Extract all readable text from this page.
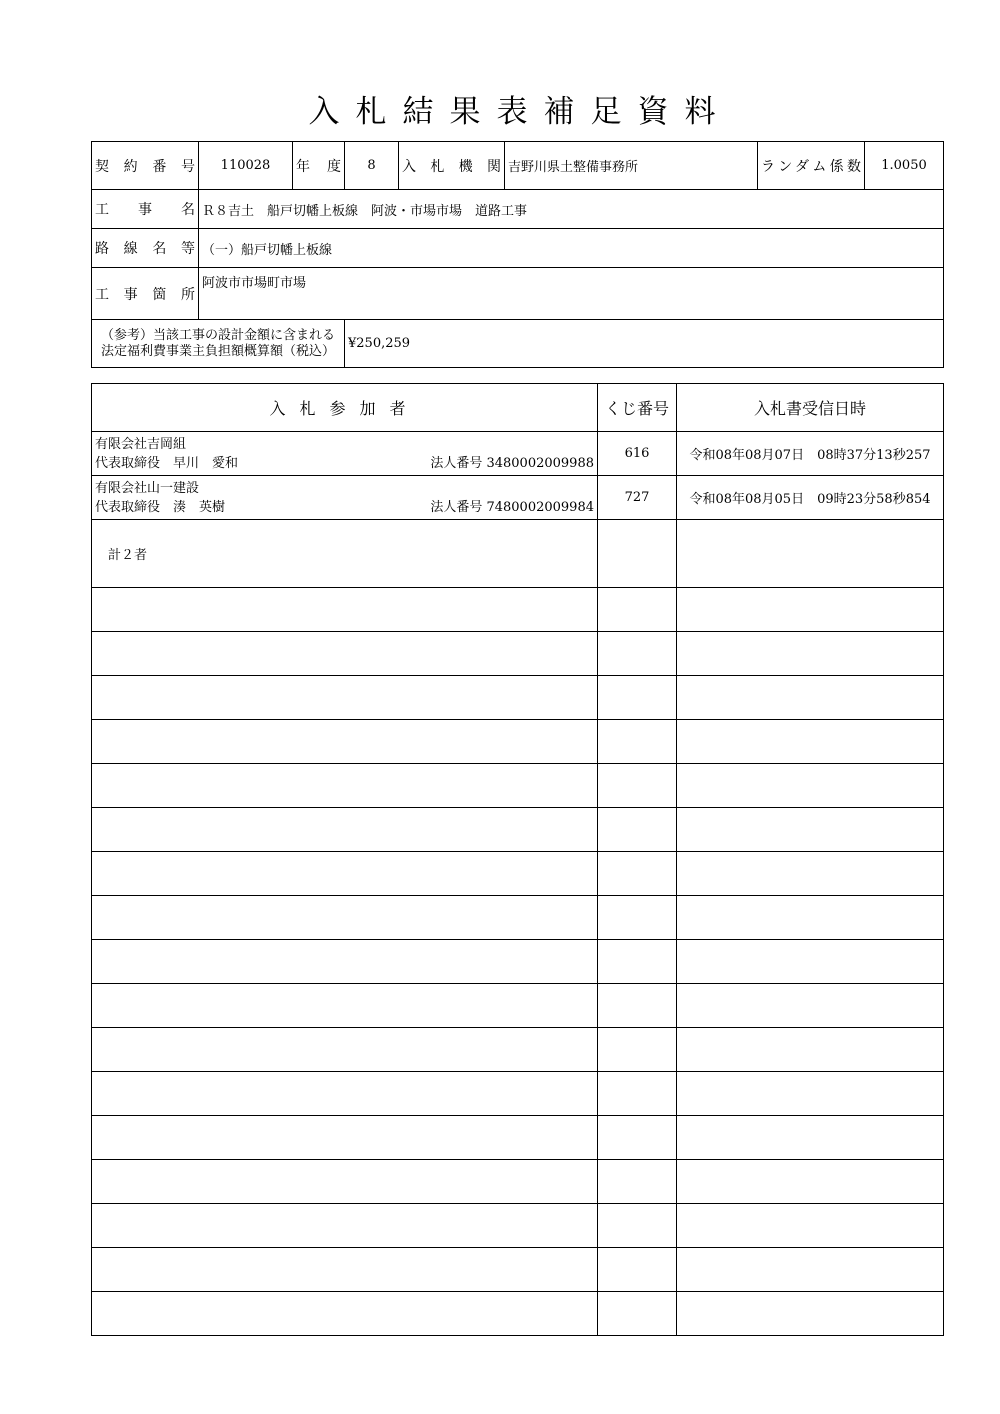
入札結果表補足資料
契約番号	110028	年度	8	入札機関	吉野川県土整備事務所	ランダム係数	1.0050
工事名	Ｒ８吉土　船戸切幡上板線　阿波・市場市場　道路工事						
路線名等	（一）船戸切幡上板線						
工事箇所	阿波市市場町市場						

（参考）当該工事の設計金額に含まれる
法定福利費事業主負担額概算額（税込）			¥250,259				
入札参加者	くじ番号	入札書受信日時

有限会社吉岡組
代表取締役　早川　愛和 法人番号 3480002009988	616	令和08年08月07日　08時37分13秒257

有限会社山一建設
代表取締役　湊　英樹 法人番号 7480002009984	727	令和08年08月05日　09時23分58秒854
計２者		
